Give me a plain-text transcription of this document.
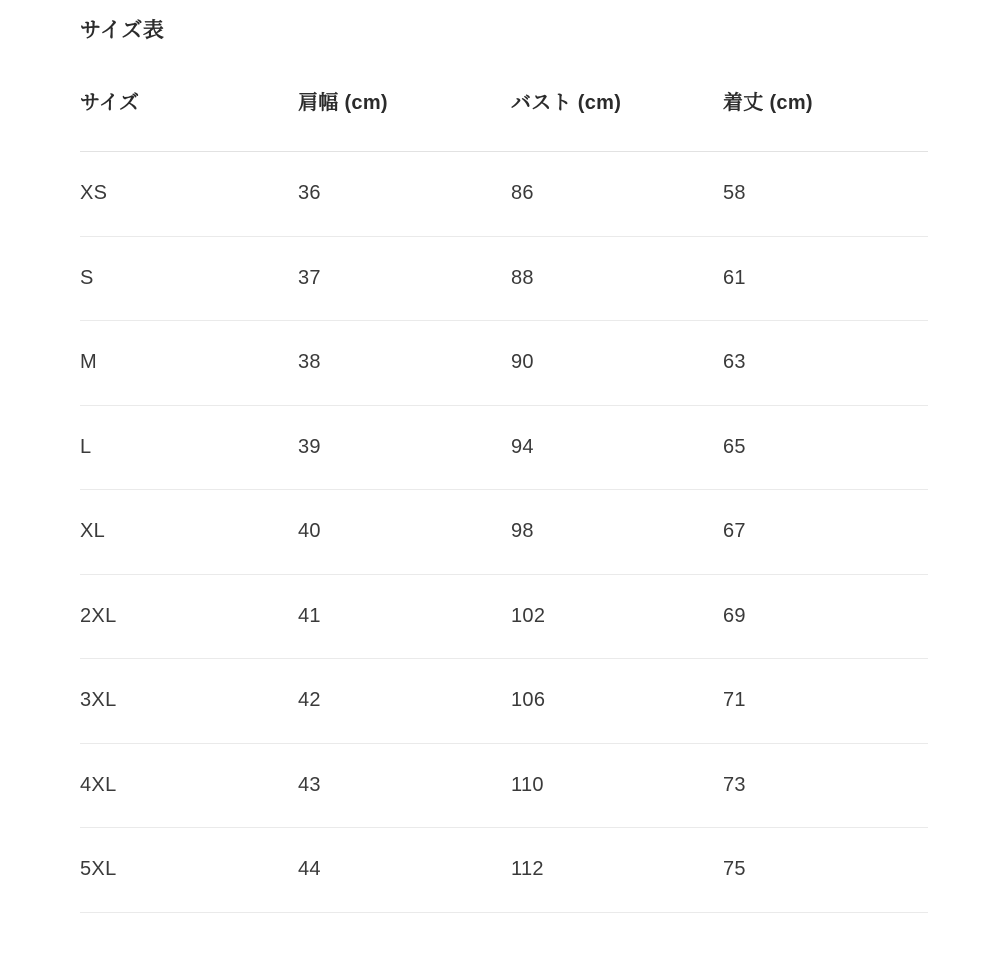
サイズ表
サイズ	肩幅 (cm)	バスト (cm)	着丈 (cm)
XS	36	86	58
S	37	88	61
M	38	90	63
L	39	94	65
XL	40	98	67
2XL	41	102	69
3XL	42	106	71
4XL	43	110	73
5XL	44	112	75
